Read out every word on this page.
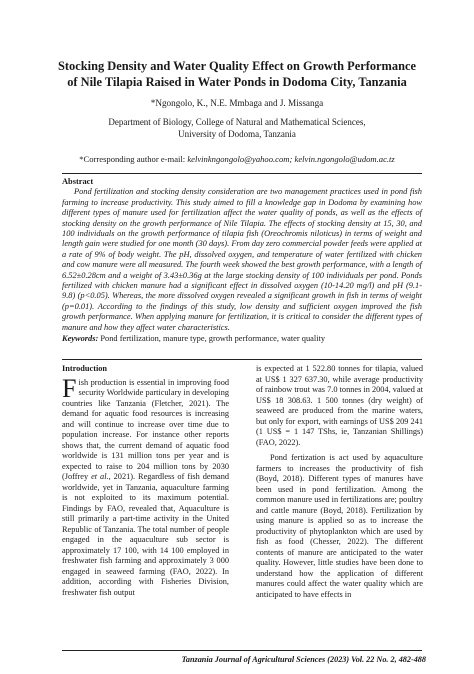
Stocking Density and Water Quality Effect on Growth Performance
of Nile Tilapia Raised in Water Ponds in Dodoma City, Tanzania
*Ngongolo, K., N.E. Mmbaga and J. Missanga
Department of Biology, College of Natural and Mathematical Sciences,
University of Dodoma, Tanzania
*Corresponding author e-mail: kelvinkngongolo@yahoo.com; kelvin.ngongolo@udom.ac.tz
Abstract
Pond fertilization and stocking density consideration are two management practices used in pond fish farming to increase productivity. This study aimed to fill a knowledge gap in Dodoma by examining how different types of manure used for fertilization affect the water quality of ponds, as well as the effects of stocking density on the growth performance of Nile Tilapia. The effects of stocking density at 15, 30, and 100 individuals on the growth performance of tilapia fish (Oreochromis niloticus) in terms of weight and length gain were studied for one month (30 days). From day zero commercial powder feeds were applied at a rate of 9% of body weight. The pH, dissolved oxygen, and temperature of water fertilized with chicken and cow manure were all measured. The fourth week showed the best growth performance, with a length of 6.52±0.28cm and a weight of 3.43±0.36g at the large stocking density of 100 individuals per pond. Ponds fertilized with chicken manure had a significant effect in dissolved oxygen (10-14.20 mg/l) and pH (9.1-9.8) (p<0.05). Whereas, the more dissolved oxygen revealed a significant growth in fish in terms of weight (p=0.01). According to the findings of this study, low density and sufficient oxygen improved the fish growth performance. When applying manure for fertilization, it is critical to consider the different types of manure and how they affect water characteristics.
Keywords: Pond fertilization, manure type, growth performance, water quality
Introduction
Fish production is essential in improving food security Worldwide particulary in developing countries like Tanzania (Fletcher, 2021). The demand for aquatic food resources is increasing and will continue to increase over time due to population increase. For instance other reports shows that, the current demand of aquatic food worldwide is 131 million tons per year and is expected to raise to 204 million tons by 2030 (Joffrey et al., 2021). Regardless of fish demand worldwide, yet in Tanzania, aquaculture farming is not exploited to its maximum potential. Findings by FAO, revealed that, Aquaculture is still primarily a part-time activity in the United Republic of Tanzania. The total number of people engaged in the aquaculture sub sector is approximately 17 100, with 14 100 employed in freshwater fish farming and approximately 3 000 engaged in seaweed farming (FAO, 2022). In addition, according with Fisheries Division, freshwater fish output
is expected at 1 522.80 tonnes for tilapia, valued at US$ 1 327 637.30, while average productivity of rainbow trout was 7.0 tonnes in 2004, valued at US$ 18 308.63. 1 500 tonnes (dry weight) of seaweed are produced from the marine waters, but only for export, with earnings of US$ 209 241 (1 US$ = 1 147 TShs, ie, Tanzanian Shillings)(FAO, 2022).
Pond fertization is act used by aquaculture farmers to increases the productivity of fish (Boyd, 2018). Different types of manures have been used in pond fertilization. Among the common manure used in fertilizations are; poultry and cattle manure (Boyd, 2018). Fertilization by using manure is applied so as to increase the productivity of phytoplankton which are used by fish as food (Chesser, 2022). The different contents of manure are anticipated to the water quality. However, little studies have been done to understand how the application of different manures could affect the water quality which are anticipated to have effects in
Tanzania Journal of Agricultural Sciences (2023) Vol. 22 No. 2, 482-488
